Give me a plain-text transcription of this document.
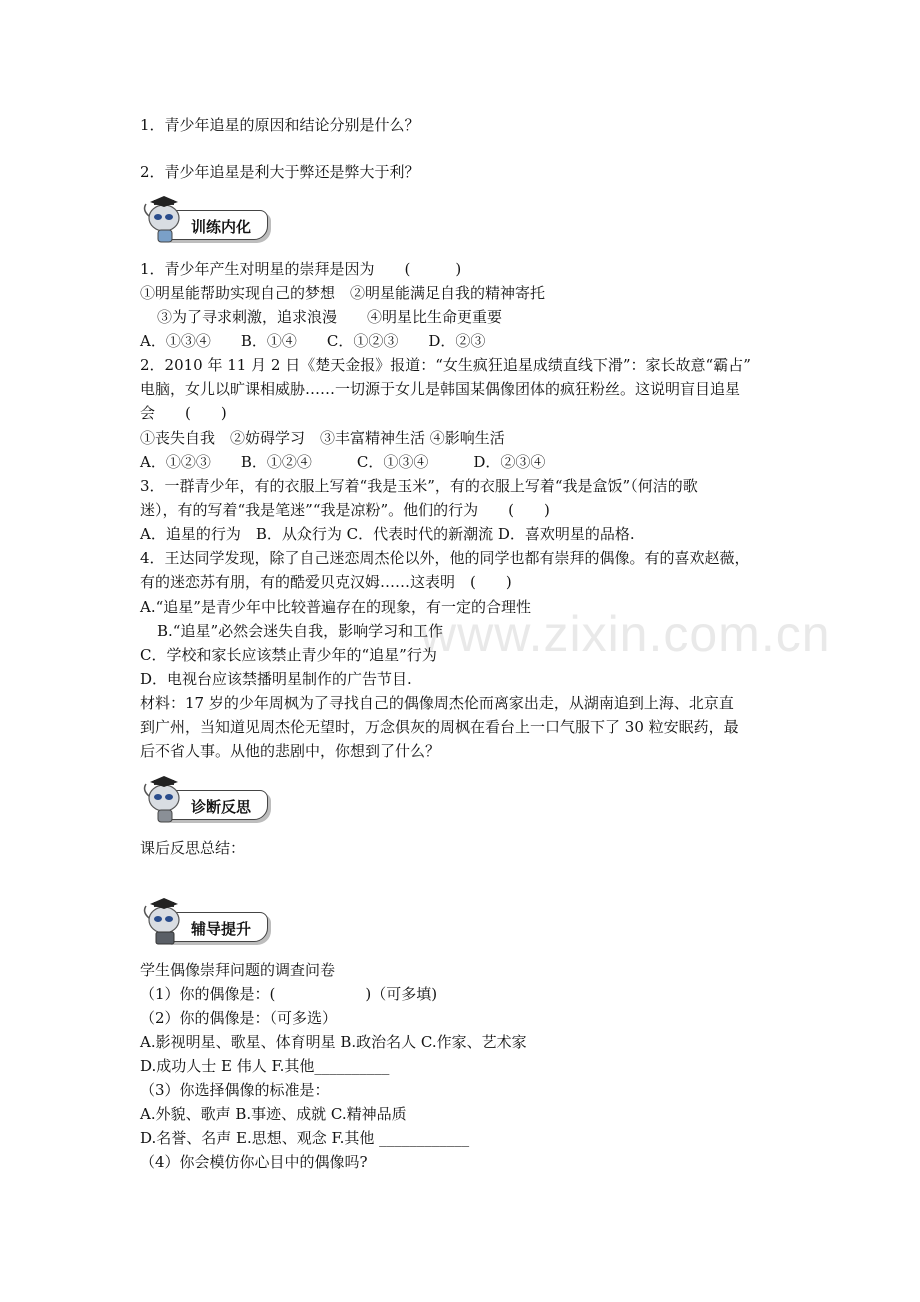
www.zixin.com.cn
1．青少年追星的原因和结论分别是什么？
2．青少年追星是利大于弊还是弊大于利？
训练内化
1．青少年产生对明星的崇拜是因为　　(　　　)
①明星能帮助实现自己的梦想　②明星能满足自我的精神寄托
③为了寻求刺激，追求浪漫　　④明星比生命更重要
A．①③④　　B．①④　　C．①②③　　D．②③
2．2010 年 11 月 2 日《楚天金报》报道：“女生疯狂追星成绩直线下滑”：家长故意“霸占”
电脑，女儿以旷课相威胁……一切源于女儿是韩国某偶像团体的疯狂粉丝。这说明盲目追星
会　　(　　)
①丧失自我　②妨碍学习　③丰富精神生活 ④影响生活
A．①②③　　B．①②④　　　C．①③④　　　D．②③④
3．一群青少年，有的衣服上写着“我是玉米”，有的衣服上写着“我是盒饭”（何洁的歌
迷），有的写着“我是笔迷”“我是凉粉”。他们的行为　　(　　)
A．追星的行为　B．从众行为 C．代表时代的新潮流 D．喜欢明星的品格.
4．王达同学发现，除了自己迷恋周杰伦以外，他的同学也都有崇拜的偶像。有的喜欢赵薇，
有的迷恋苏有朋，有的酷爱贝克汉姆……这表明　(　　)
A.“追星”是青少年中比较普遍存在的现象，有一定的合理性
B.“追星”必然会迷失自我，影响学习和工作
C．学校和家长应该禁止青少年的“追星”行为
D．电视台应该禁播明星制作的广告节目.
材料：17 岁的少年周枫为了寻找自己的偶像周杰伦而离家出走，从湖南追到上海、北京直
到广州，当知道见周杰伦无望时，万念俱灰的周枫在看台上一口气服下了 30 粒安眠药，最
后不省人事。从他的悲剧中，你想到了什么？
诊断反思
课后反思总结：
辅导提升
学生偶像崇拜问题的调查问卷
（1）你的偶像是：(　　　　　　)（可多填)
（2）你的偶像是：（可多选）
A.影视明星、歌星、体育明星 B.政治名人 C.作家、艺术家
D.成功人士 E 伟人 F.其他__________
（3）你选择偶像的标准是：
A.外貌、歌声 B.事迹、成就 C.精神品质
D.名誉、名声 E.思想、观念 F.其他 ____________
（4）你会模仿你心目中的偶像吗?
